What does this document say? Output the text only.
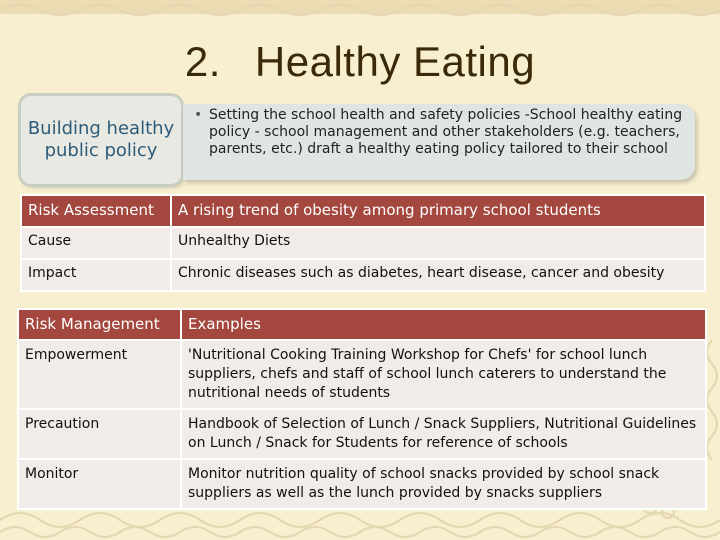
2. Healthy Eating
Building healthy public policy
• Setting the school health and safety policies -School healthy eating policy - school management and other stakeholders (e.g. teachers, parents, etc.) draft a healthy eating policy tailored to their school
Risk Assessment	A rising trend of obesity among primary school students
Cause	Unhealthy Diets
Impact	Chronic diseases such as diabetes, heart disease, cancer and obesity
Risk Management	Examples
Empowerment	'Nutritional Cooking Training Workshop for Chefs' for school lunch suppliers, chefs and staff of school lunch caterers to understand the nutritional needs of students
Precaution	Handbook of Selection of Lunch / Snack Suppliers, Nutritional Guidelines on Lunch / Snack for Students for reference of schools
Monitor	Monitor nutrition quality of school snacks provided by school snack suppliers as well as the lunch provided by snacks suppliers
